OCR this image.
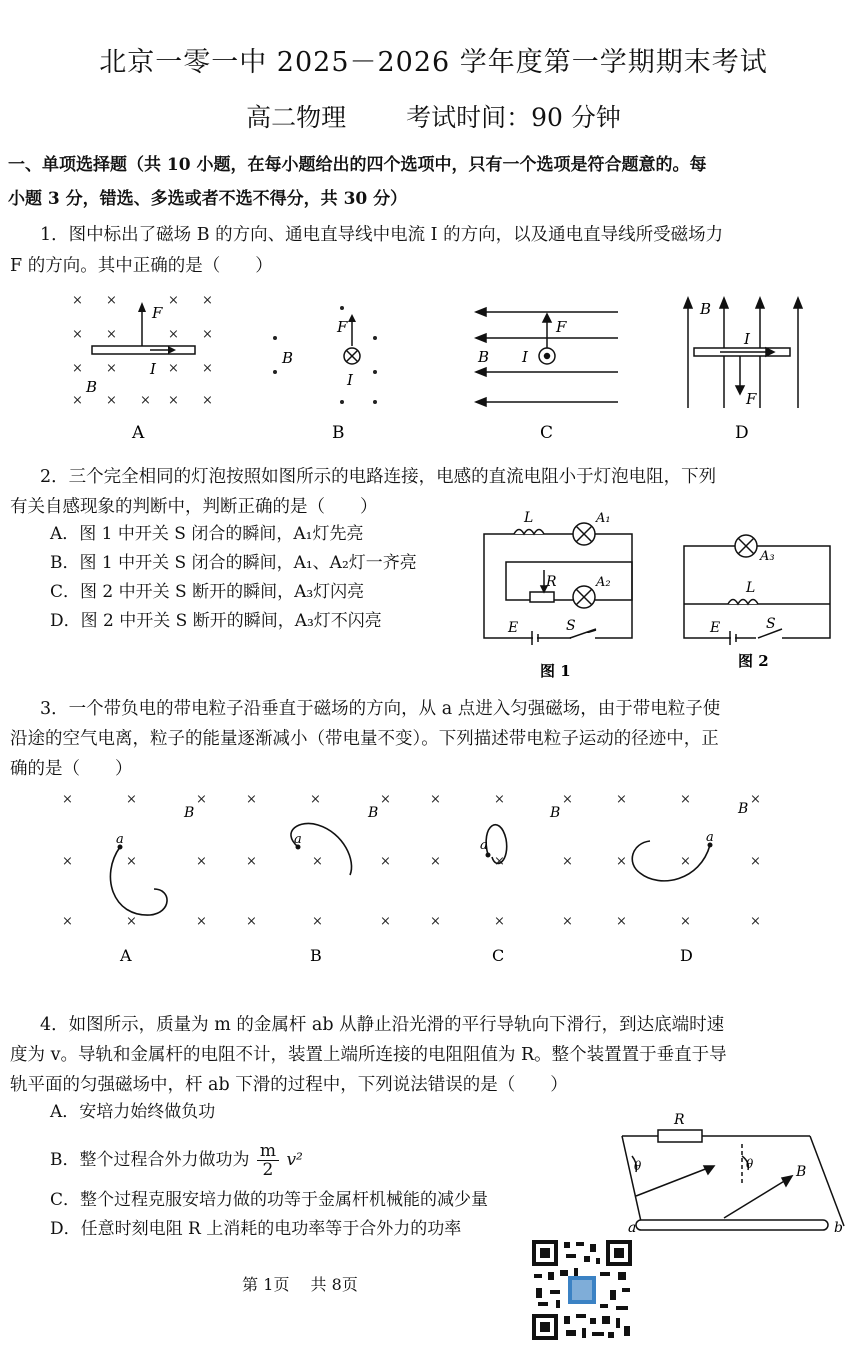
北京一零一中 2025－2026 学年度第一学期期末考试
高二物理 考试时间：90 分钟
一、单项选择题（共 10 小题，在每小题给出的四个选项中，只有一个选项是符合题意的。每
小题 3 分，错选、多选或者不选不得分，共 30 分）
1．图中标出了磁场 B 的方向、通电直导线中电流 I 的方向，以及通电直导线所受磁场力
F 的方向。其中正确的是（　　）
× ×	× ×
× ×	× ×
× ×	× ×
× × × × ×
F
I
B
A
F
I
B
B
F
I
B
C
B
I
F
D
2．三个完全相同的灯泡按照如图所示的电路连接，电感的直流电阻小于灯泡电阻，下列
有关自感现象的判断中，判断正确的是（　　）
A．图 1 中开关 S 闭合的瞬间，A₁灯先亮
B．图 1 中开关 S 闭合的瞬间，A₁、A₂灯一齐亮
C．图 2 中开关 S 断开的瞬间，A₃灯闪亮
D．图 2 中开关 S 断开的瞬间，A₃灯不闪亮
L	A₁
R	A₂
E	S
图 1
A₃
L
E	S
图 2
3．一个带负电的带电粒子沿垂直于磁场的方向，从 a 点进入匀强磁场，由于带电粒子使
沿途的空气电离，粒子的能量逐渐减小（带电量不变）。下列描述带电粒子运动的径迹中，正
确的是（　　）
×	×	×	×	×	×	×	×	×	×	×	×
×	×	×	×	×	×	×	×	×	×	×	×
×	×	×	×	×	×	×	×	×	×	×	×
a	a	a
a
B	B	B	B
A	B	C	D
4．如图所示，质量为 m 的金属杆 ab 从静止沿光滑的平行导轨向下滑行，到达底端时速
度为 v。导轨和金属杆的电阻不计，装置上端所连接的电阻阻值为 R。整个装置置于垂直于导
轨平面的匀强磁场中，杆 ab 下滑的过程中，下列说法错误的是（　　）
A．安培力始终做负功
B．整个过程合外力做功为 $\frac{m}{2} v^2$
C．整个过程克服安培力做的功等于金属杆机械能的减少量
D．任意时刻电阻 R 上消耗的电功率等于合外力的功率
R
a	b
B
θ	θ
第 1页 共 8页
